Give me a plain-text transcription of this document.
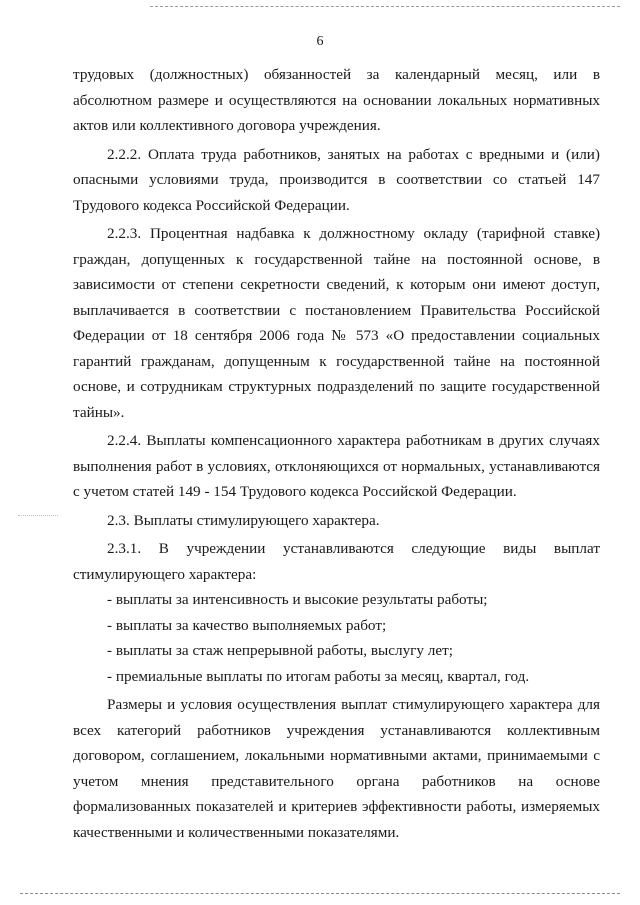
6

трудовых (должностных) обязанностей за календарный месяц, или в абсолютном размере и осуществляются на основании локальных нормативных актов или коллективного договора учреждения.

2.2.2. Оплата труда работников, занятых на работах с вредными и (или) опасными условиями труда, производится в соответствии со статьей 147 Трудового кодекса Российской Федерации.

2.2.3. Процентная надбавка к должностному окладу (тарифной ставке) граждан, допущенных к государственной тайне на постоянной основе, в зависимости от степени секретности сведений, к которым они имеют доступ, выплачивается в соответствии с постановлением Правительства Российской Федерации от 18 сентября 2006 года № 573 «О предоставлении социальных гарантий гражданам, допущенным к государственной тайне на постоянной основе, и сотрудникам структурных подразделений по защите государственной тайны».

2.2.4. Выплаты компенсационного характера работникам в других случаях выполнения работ в условиях, отклоняющихся от нормальных, устанавливаются с учетом статей 149 - 154 Трудового кодекса Российской Федерации.

2.3. Выплаты стимулирующего характера.

2.3.1. В учреждении устанавливаются следующие виды выплат стимулирующего характера:

- выплаты за интенсивность и высокие результаты работы;

- выплаты за качество выполняемых работ;

- выплаты за стаж непрерывной работы, выслугу лет;

- премиальные выплаты по итогам работы за месяц, квартал, год.

Размеры и условия осуществления выплат стимулирующего характера для всех категорий работников учреждения устанавливаются коллективным договором, соглашением, локальными нормативными актами, принимаемыми с учетом мнения представительного органа работников на основе формализованных показателей и критериев эффективности работы, измеряемых качественными и количественными показателями.
